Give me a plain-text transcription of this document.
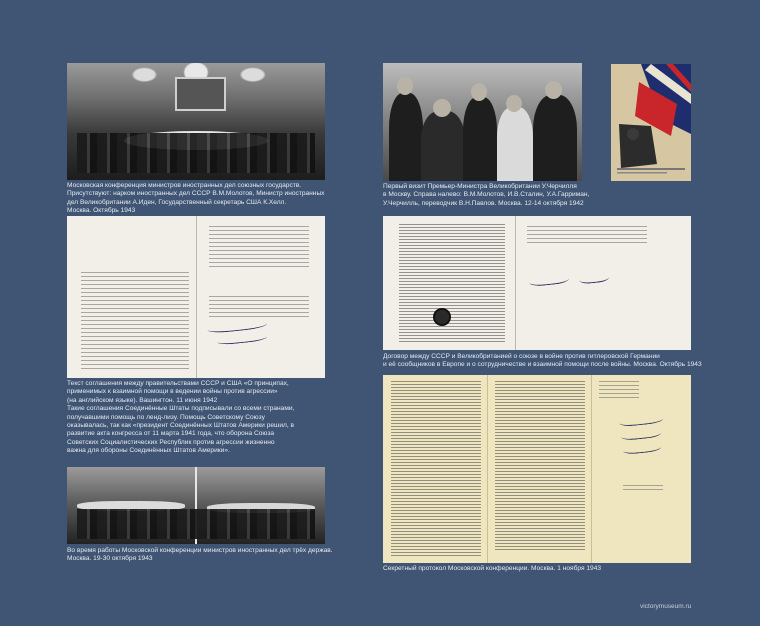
Московская конференция министров иностранных дел союзных государств.

Присутствуют: нарком иностранных дел СССР В.М.Молотов, Министр иностранных

дел Великобритании А.Иден, Государственный секретарь США К.Хелл.

Москва. Октябрь 1943

Первый визит Премьер-Министра Великобритании У.Черчилля

в Москву. Справа налево: В.М.Молотов, И.В.Сталин, У.А.Гарриман,

У.Черчилль, переводчик В.Н.Павлов. Москва. 12-14 октября 1942

Текст соглашения между правительствами СССР и США «О принципах,

применимых к взаимной помощи в ведении войны против агрессии»

(на английском языке). Вашингтон. 11 июня 1942

Такие соглашения Соединённые Штаты подписывали со всеми странами,

получавшими помощь по ленд-лизу. Помощь Советскому Союзу

оказывалась, так как «президент Соединённых Штатов Америки решил, в

развитие акта конгресса от 11 марта 1941 года, что оборона Союза

Советских Социалистических Республик против агрессии жизненно

важна для обороны Соединённых Штатов Америки».

Договор между СССР и Великобританией о союзе в войне против гитлеровской Германии

и её сообщников в Европе и о сотрудничестве и взаимной помощи после войны. Москва. Октябрь 1943

Во время работы Московской конференции министров иностранных дел трёх держав.

Москва. 19-30 октября 1943

Секретный протокол Московской конференции. Москва. 1 ноября 1943

victorymuseum.ru
